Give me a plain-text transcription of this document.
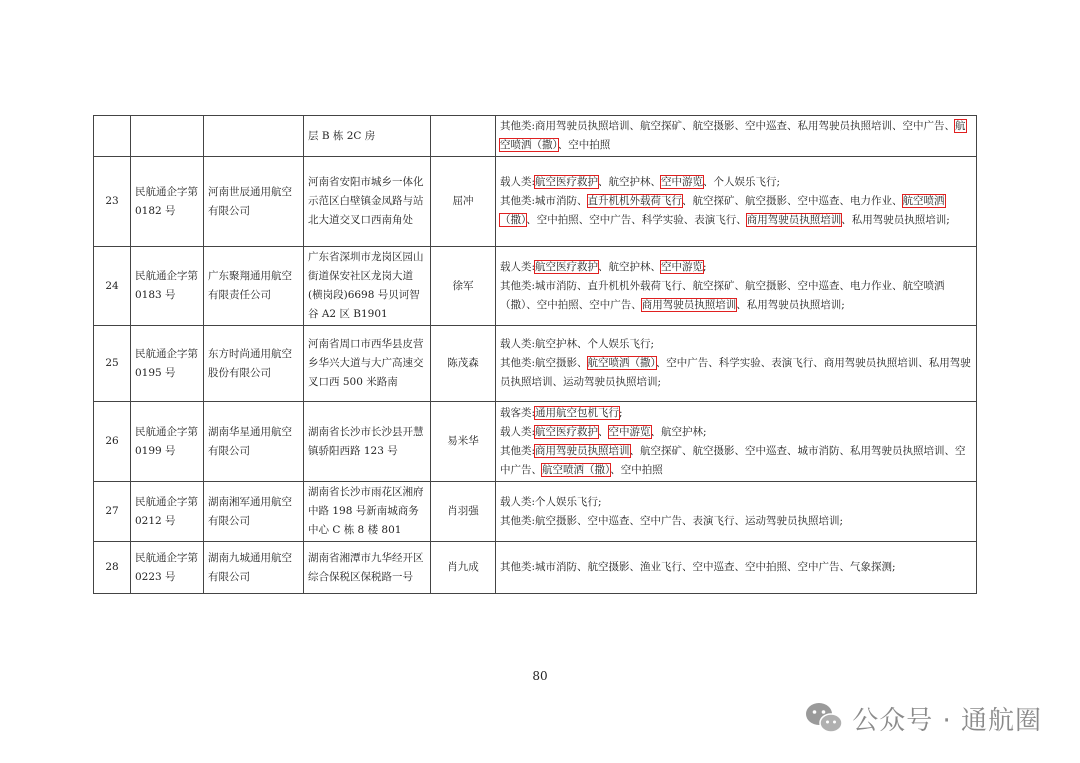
			层 B 栋 2C 房		其他类:商用驾驶员执照培训、航空探矿、航空摄影、空中巡查、私用驾驶员执照培训、空中广告、航空喷洒（撒）、空中拍照
23	民航通企字第 0182 号	河南世辰通用航空有限公司	河南省安阳市城乡一体化示范区白壁镇金凤路与站北大道交叉口西南角处	屈冲	载人类:航空医疗救护、航空护林、空中游览、个人娱乐飞行;
其他类:城市消防、直升机机外载荷飞行、航空探矿、航空摄影、空中巡查、电力作业、航空喷洒（撒）、空中拍照、空中广告、科学实验、表演飞行、商用驾驶员执照培训、私用驾驶员执照培训;
24	民航通企字第 0183 号	广东聚翔通用航空有限责任公司	广东省深圳市龙岗区园山街道保安社区龙岗大道(横岗段)6698 号贝诃智谷 A2 区 B1901	徐军	载人类:航空医疗救护、航空护林、空中游览;
其他类:城市消防、直升机机外载荷飞行、航空探矿、航空摄影、空中巡查、电力作业、航空喷洒（撒）、空中拍照、空中广告、商用驾驶员执照培训、私用驾驶员执照培训;
25	民航通企字第 0195 号	东方时尚通用航空股份有限公司	河南省周口市西华县皮营乡华兴大道与大广高速交叉口西 500 米路南	陈茂森	载人类:航空护林、个人娱乐飞行;
其他类:航空摄影、航空喷洒（撒）、空中广告、科学实验、表演飞行、商用驾驶员执照培训、私用驾驶员执照培训、运动驾驶员执照培训;
26	民航通企字第 0199 号	湖南华星通用航空有限公司	湖南省长沙市长沙县开慧镇骄阳西路 123 号	易米华	载客类:通用航空包机飞行;
载人类:航空医疗救护、空中游览、航空护林;
其他类:商用驾驶员执照培训、航空探矿、航空摄影、空中巡查、城市消防、私用驾驶员执照培训、空中广告、航空喷洒（撒）、空中拍照
27	民航通企字第 0212 号	湖南湘军通用航空有限公司	湖南省长沙市雨花区湘府中路 198 号新南城商务中心 C 栋 8 楼 801	肖羽强	载人类:个人娱乐飞行;
其他类:航空摄影、空中巡查、空中广告、表演飞行、运动驾驶员执照培训;
28	民航通企字第 0223 号	湖南九城通用航空有限公司	湖南省湘潭市九华经开区综合保税区保税路一号	肖九成	其他类:城市消防、航空摄影、渔业飞行、空中巡查、空中拍照、空中广告、气象探测;
80
公众号 · 通航圈
